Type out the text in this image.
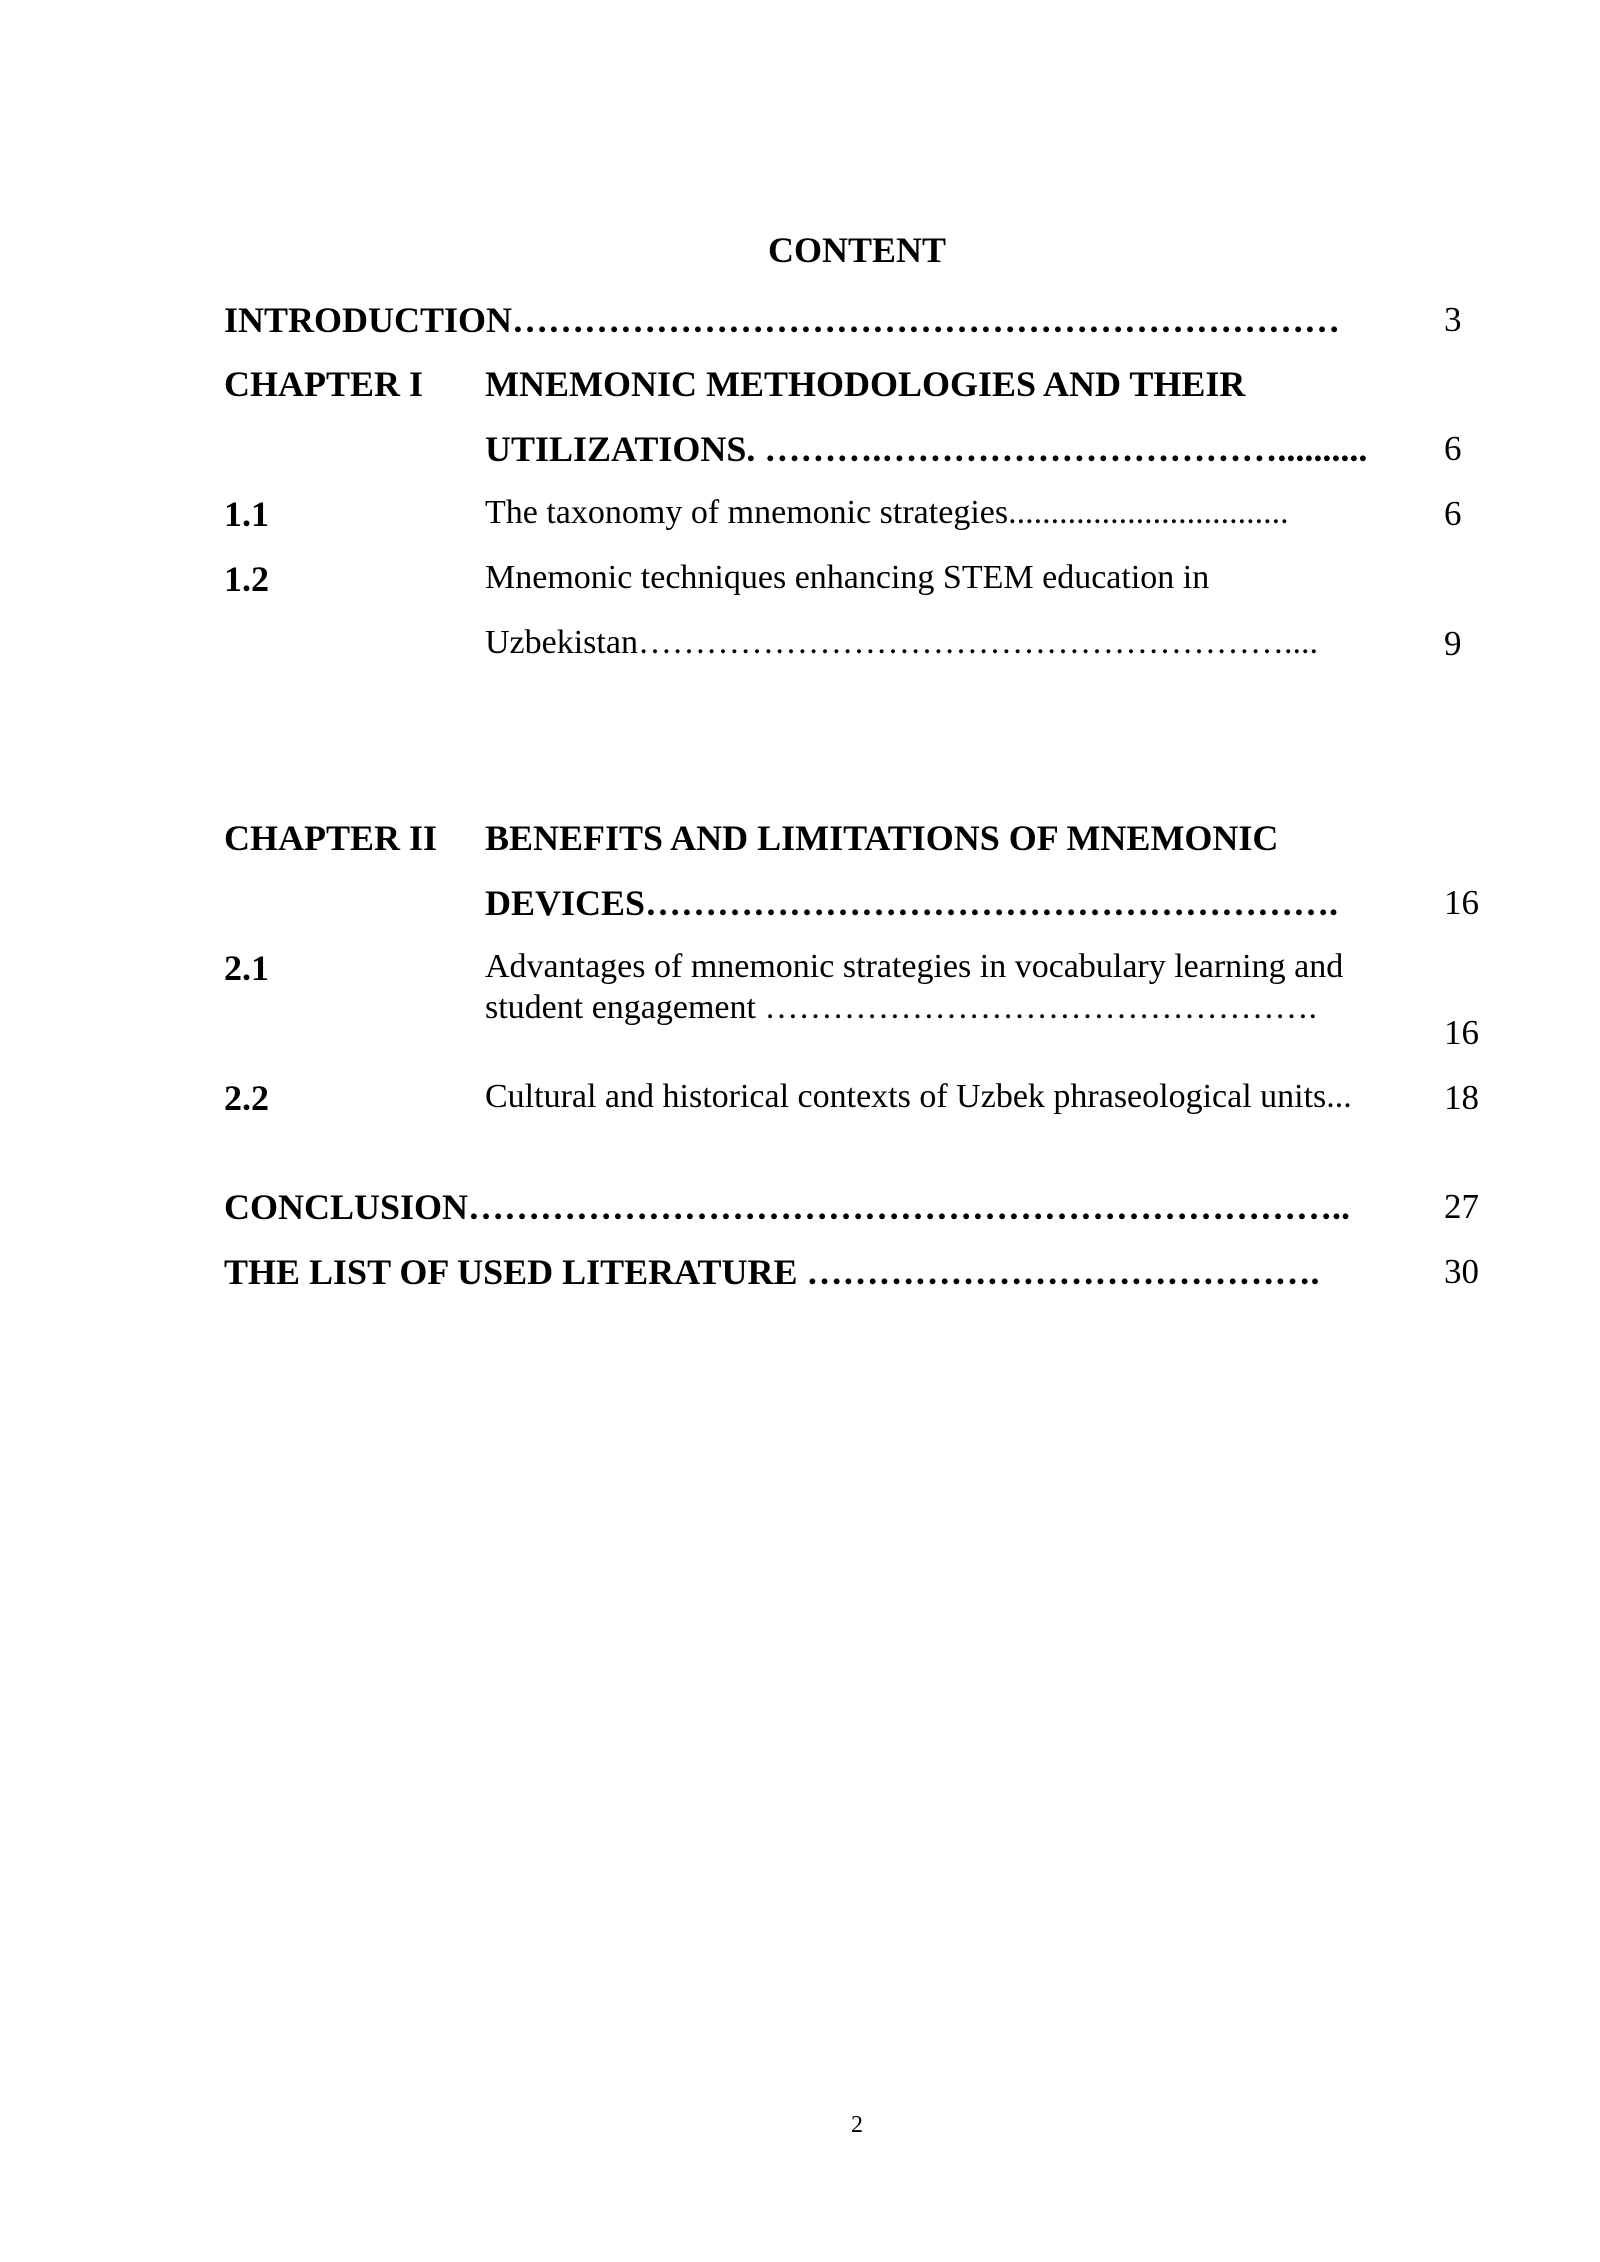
CONTENT
INTRODUCTION……………………………………………………………	3
CHAPTER I MNEMONIC METHODOLOGIES AND THEIR
UTILIZATIONS. ……….…………………………….......... 6
1.1	The taxonomy of mnemonic strategies.................................	6
1.2	Mnemonic techniques enhancing STEM education in
Uzbekistan…………………………………………………....	9
CHAPTER II BENEFITS AND LIMITATIONS OF MNEMONIC
DEVICES………………………………………………….	16
2.1	Advantages of mnemonic strategies in vocabulary learning and
student engagement ………………………………………….
16
2.2	Cultural and historical contexts of Uzbek phraseological units...	18
CONCLUSION………………………………………………………………..	27
THE LIST OF USED LITERATURE …………………………………….	30
2
